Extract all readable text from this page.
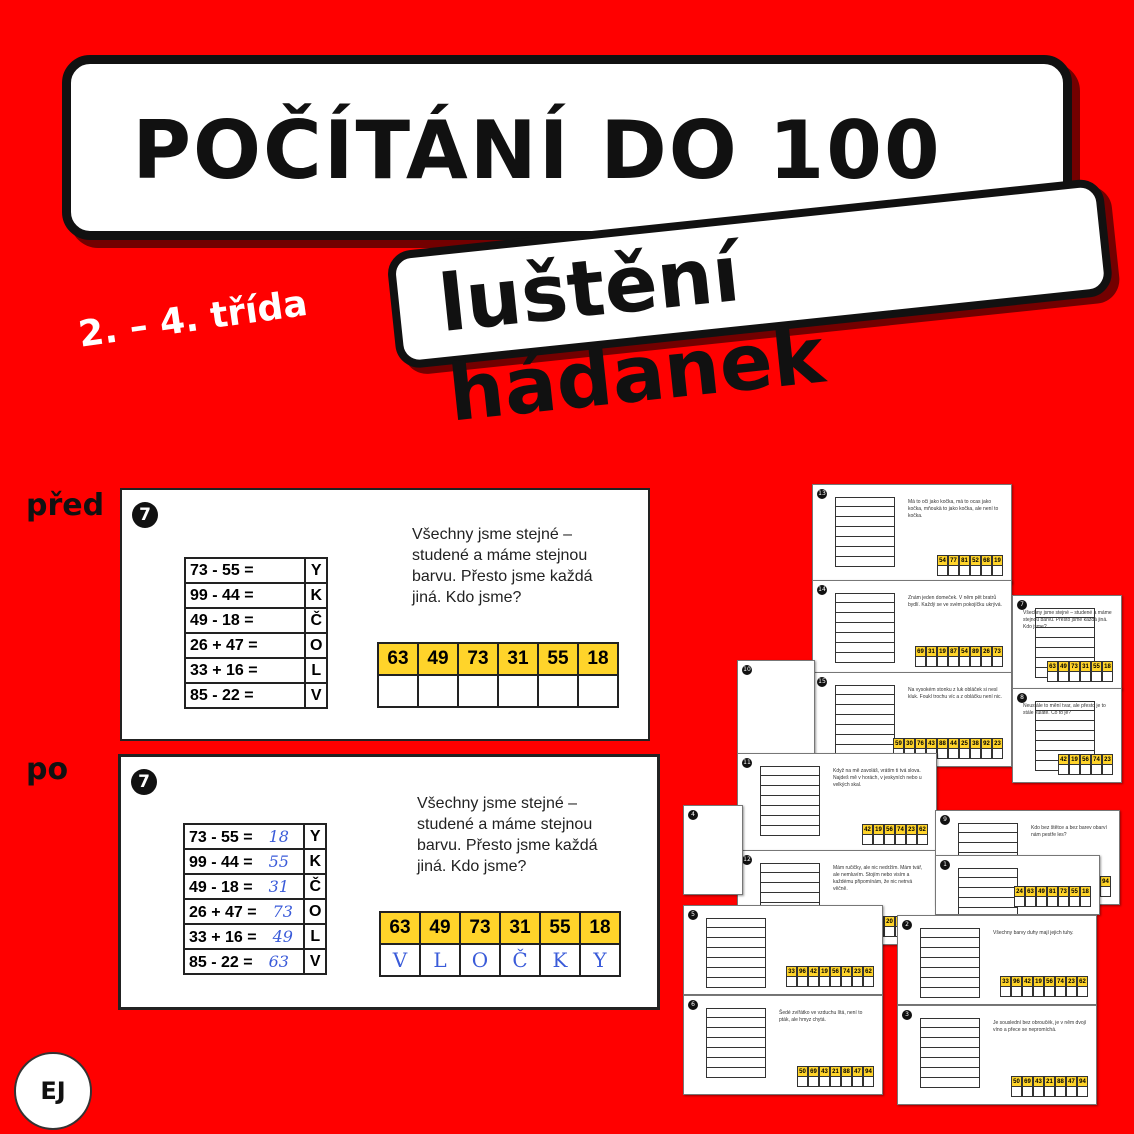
POČÍTÁNÍ DO 100
luštění hádanek
2. – 4. třída
před
po
7
73 - 55 =	Y
99 - 44 =	K
49 - 18 =	Č
26 + 47 =	O
33 + 16 =	L
85 - 22 =	V
Všechny jsme stejné –
studené a máme stejnou
barvu. Přesto jsme každá
jiná. Kdo jsme?
63	49	73	31	55	18

7
73 - 55 = 18	Y
99 - 44 = 55	K
49 - 18 = 31	Č
26 + 47 = 73	O
33 + 16 = 49	L
85 - 22 = 63	V
Všechny jsme stejné –
studené a máme stejnou
barvu. Přesto jsme každá
jiná. Kdo jsme?
63	49	73	31	55	18
V	L	O	Č	K	Y
13
Má to oči jako kočka, má to ocas jako kočka, mňoukä to jako kočka, ale není to kočka.
54 77 81 52 68 19
14
Znám jeden domeček. V něm pět bratrů bydlí. Každý se ve svém pokojíčku ukrývá.
69 31 19 87 54 89 26 73
15
Na vysokém stonku z luk obláček si nesl kluk. Foukl trochu víc a z obláčku není nic.
59 30 76 43 88 44 25 38 92 23
10
11
Když na mě zavoláš, vrátím ti tvá slova. Najdeš mě v horách, v jeskyních nebo u velkých skal.
42 19 56 74 23 62
12
Mám ručičky, ale nic nedržím. Mám tvář, ale nemluvím. Stojím nebo visím a každému připomínám, že nic netrvá věčně.
20
4
5
33 96 42 19 56 74 23 62
6
Šedé zvířátko ve vzduchu lítá, není to pták, ale hmyz chytá.
50 69 43 21 88 47 94
7
Všechny jsme stejné – studené a máme stejnou barvu. Přesto jsme každá jiná. Kdo jsme?
63 49 73 31 55 18
8
Neustále to mění tvar, ale přesto je to stále kulaté. Co to je?
42 19 56 74 23
9
Kdo bez štětce a bez barev obarví nám pestře les?
94
1
24 63 49 81 73 55 18
2
Všechny barvy duhy mají jejich tuhy.
33 96 42 19 56 74 23 62
3
Je souslední bez obroučék, je v něm dvojí víno a přece se nepromíchá.
50 69 43 21 88 47 94
EJ
